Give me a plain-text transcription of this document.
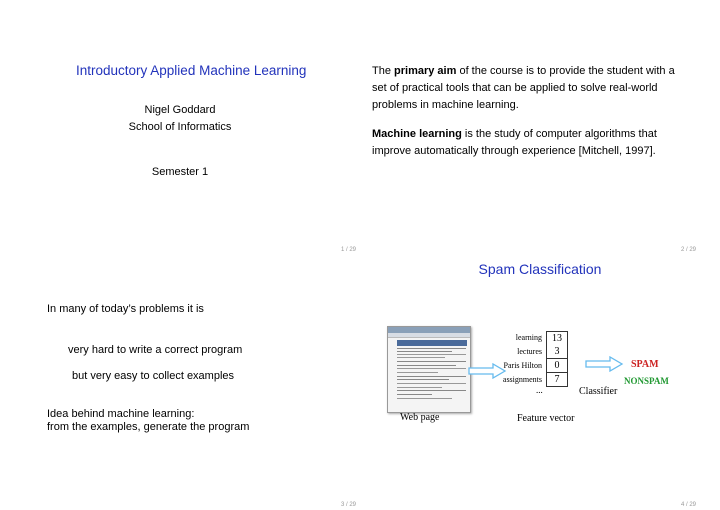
Introductory Applied Machine Learning
Nigel Goddard
School of Informatics
Semester 1
1 / 29
The primary aim of the course is to provide the student with a
set of practical tools that can be applied to solve real-world
problems in machine learning.
Machine learning is the study of computer algorithms that
improve automatically through experience [Mitchell, 1997].
2 / 29
In many of today’s problems it is
very hard to write a correct program
but very easy to collect examples
Idea behind machine learning:
from the examples, generate the program
3 / 29
Spam Classification
Web page
learning	13
lectures	3
Paris Hilton	0
assignments	7
...
Feature vector
SPAM
NONSPAM
Classifier
4 / 29
